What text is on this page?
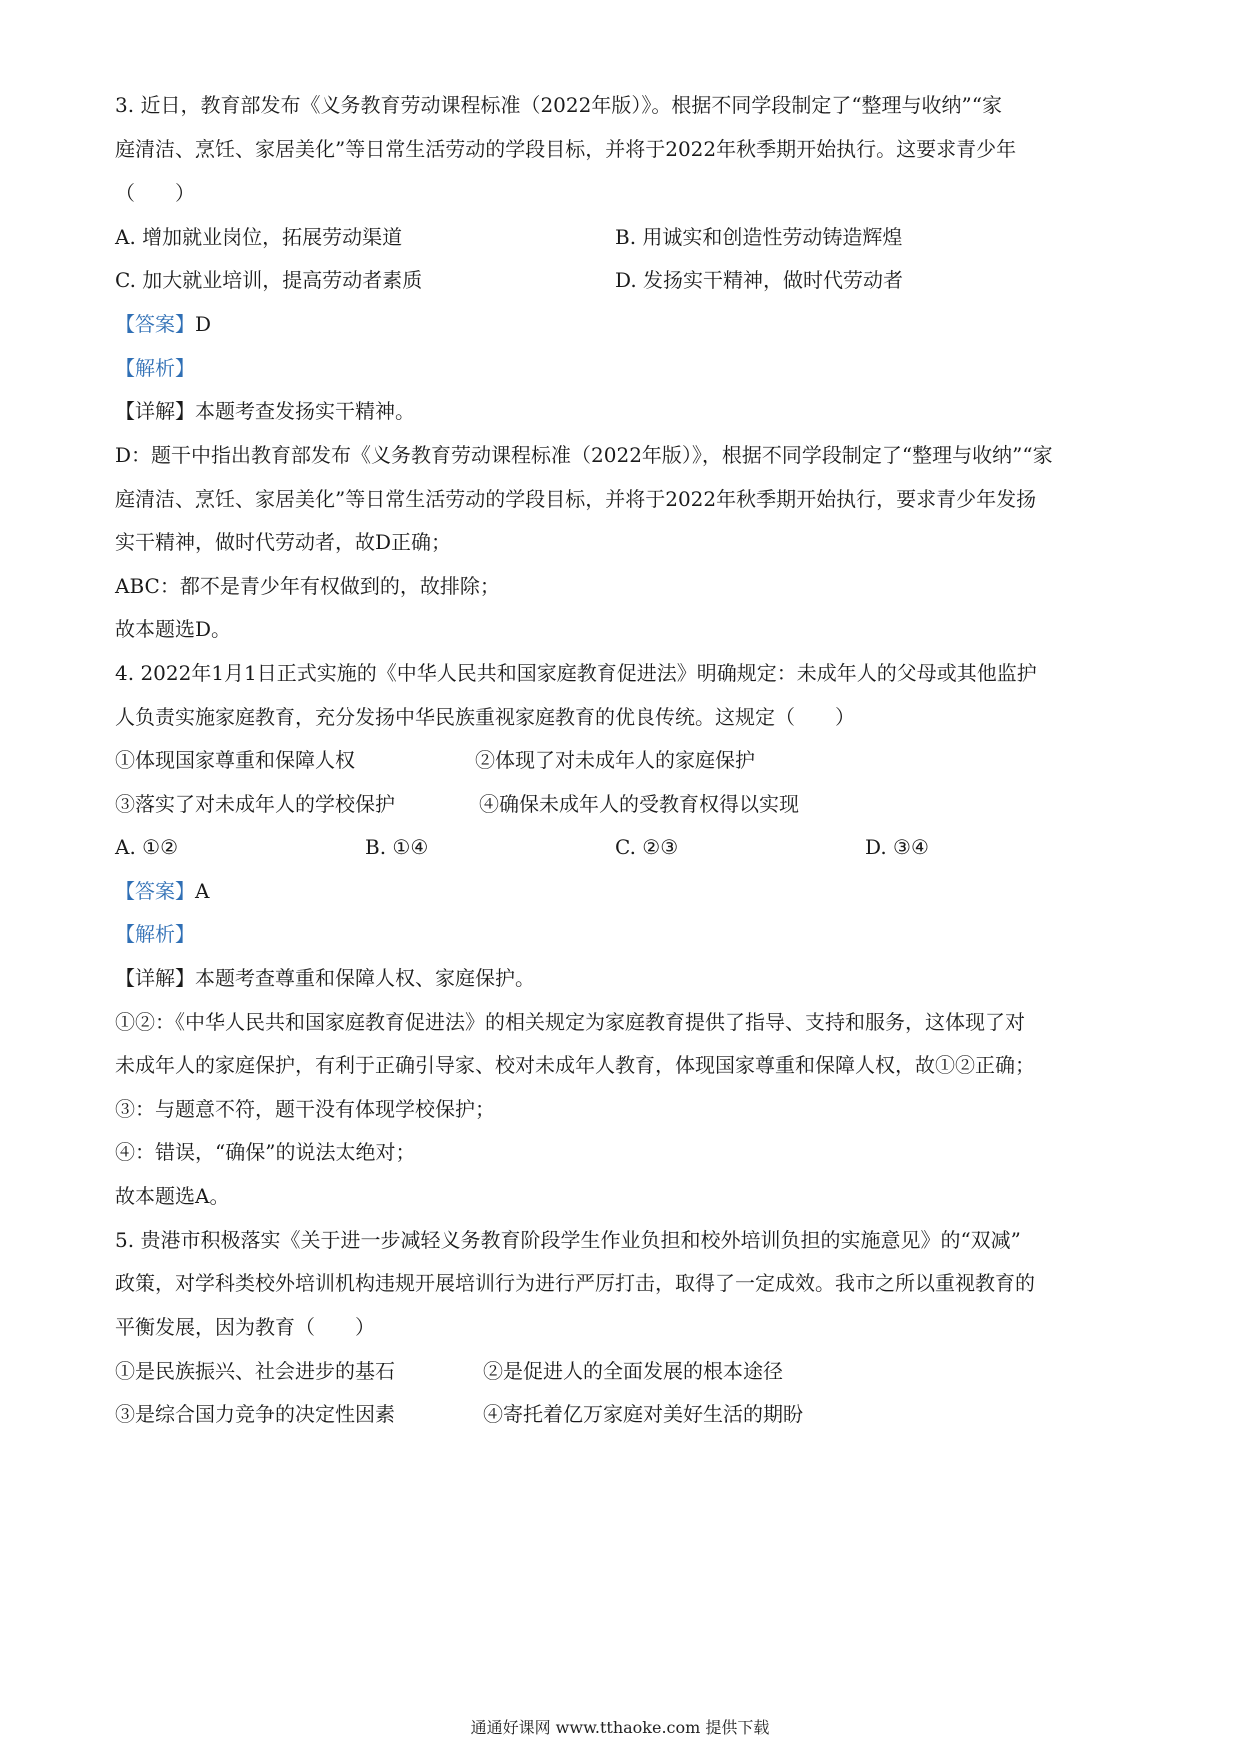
3. 近日，教育部发布《义务教育劳动课程标准（2022年版）》。根据不同学段制定了“整理与收纳”“家
庭清洁、烹饪、家居美化”等日常生活劳动的学段目标，并将于2022年秋季期开始执行。这要求青少年
（　　）
A. 增加就业岗位，拓展劳动渠道	B. 用诚实和创造性劳动铸造辉煌
C. 加大就业培训，提高劳动者素质	D. 发扬实干精神，做时代劳动者
【答案】D
【解析】
【详解】本题考查发扬实干精神。
D：题干中指出教育部发布《义务教育劳动课程标准（2022年版）》，根据不同学段制定了“整理与收纳”“家
庭清洁、烹饪、家居美化”等日常生活劳动的学段目标，并将于2022年秋季期开始执行，要求青少年发扬
实干精神，做时代劳动者，故D正确；
ABC：都不是青少年有权做到的，故排除；
故本题选D。
4. 2022年1月1日正式实施的《中华人民共和国家庭教育促进法》明确规定：未成年人的父母或其他监护
人负责实施家庭教育，充分发扬中华民族重视家庭教育的优良传统。这规定（　　）
①体现国家尊重和保障人权	②体现了对未成年人的家庭保护
③落实了对未成年人的学校保护	④确保未成年人的受教育权得以实现
A. ①②	B. ①④	C. ②③	D. ③④
【答案】A
【解析】
【详解】本题考查尊重和保障人权、家庭保护。
①②：《中华人民共和国家庭教育促进法》的相关规定为家庭教育提供了指导、支持和服务，这体现了对
未成年人的家庭保护，有利于正确引导家、校对未成年人教育，体现国家尊重和保障人权，故①②正确；
③：与题意不符，题干没有体现学校保护；
④：错误，“确保”的说法太绝对；
故本题选A。
5. 贵港市积极落实《关于进一步减轻义务教育阶段学生作业负担和校外培训负担的实施意见》的“双减”
政策，对学科类校外培训机构违规开展培训行为进行严厉打击，取得了一定成效。我市之所以重视教育的
平衡发展，因为教育（　　）
①是民族振兴、社会进步的基石	②是促进人的全面发展的根本途径
③是综合国力竞争的决定性因素	④寄托着亿万家庭对美好生活的期盼
通通好课网 www.tthaoke.com 提供下载
